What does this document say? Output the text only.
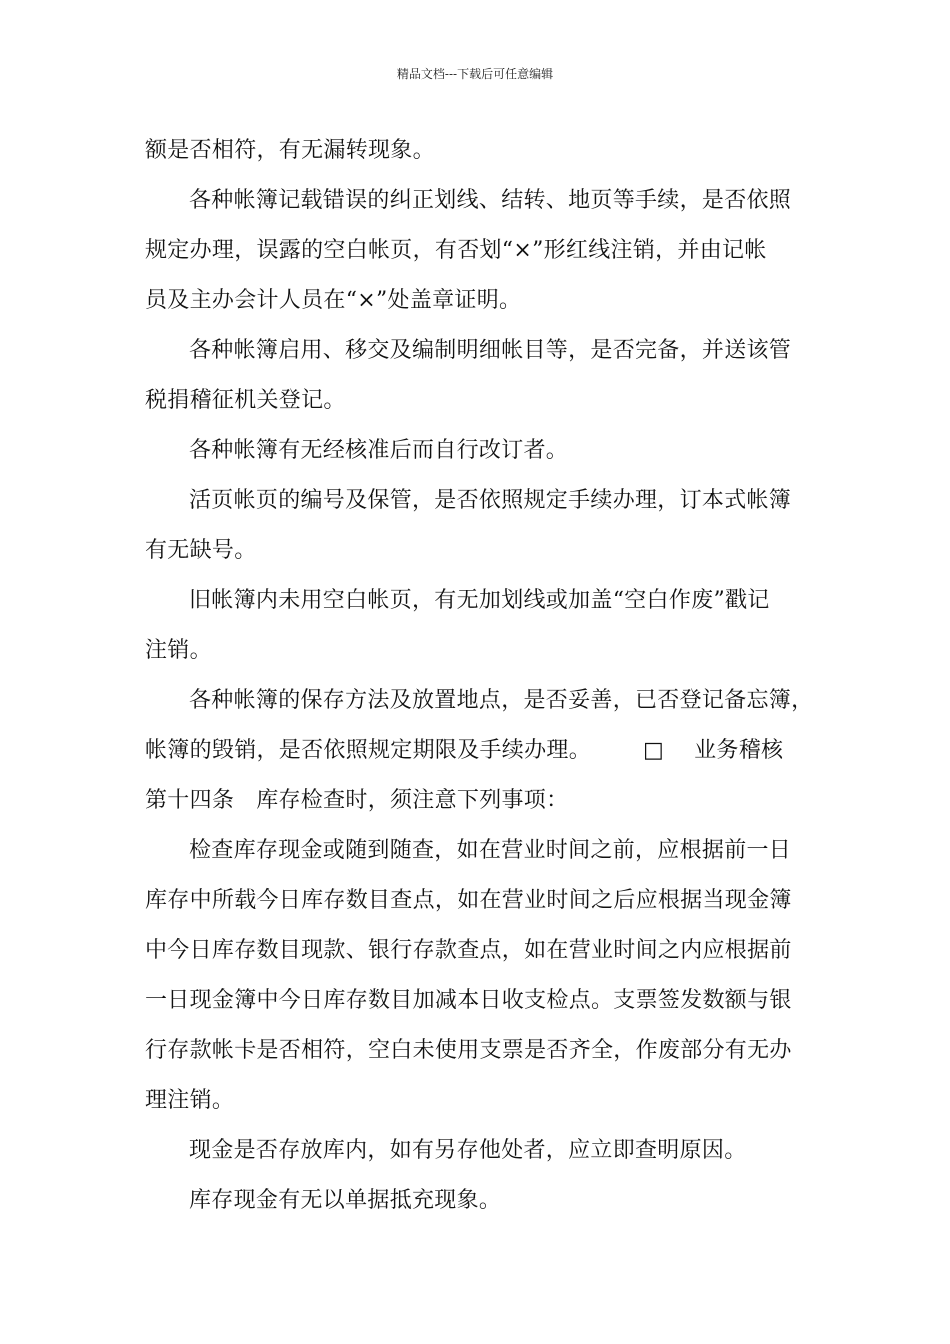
精品文档---下载后可任意编辑
额是否相符，有无漏转现象。
各种帐簿记载错误的纠正划线、结转、地页等手续，是否依照
规定办理，误露的空白帐页，有否划“×”形红线注销，并由记帐
员及主办会计人员在“×”处盖章证明。
各种帐簿启用、移交及编制明细帐目等，是否完备，并送该管
税捐稽征机关登记。
各种帐簿有无经核准后而自行改订者。
活页帐页的编号及保管，是否依照规定手续办理，订本式帐簿
有无缺号。
旧帐簿内未用空白帐页，有无加划线或加盖“空白作废”戳记
注销。
各种帐簿的保存方法及放置地点，是否妥善，已否登记备忘簿，
帐簿的毁销，是否依照规定期限及手续办理。 □ 业务稽核
第十四条 库存检查时，须注意下列事项：
检查库存现金或随到随查，如在营业时间之前，应根据前一日
库存中所载今日库存数目查点，如在营业时间之后应根据当现金簿
中今日库存数目现款、银行存款查点，如在营业时间之内应根据前
一日现金簿中今日库存数目加减本日收支检点。支票签发数额与银
行存款帐卡是否相符，空白未使用支票是否齐全，作废部分有无办
理注销。
现金是否存放库内，如有另存他处者，应立即查明原因。
库存现金有无以单据抵充现象。
